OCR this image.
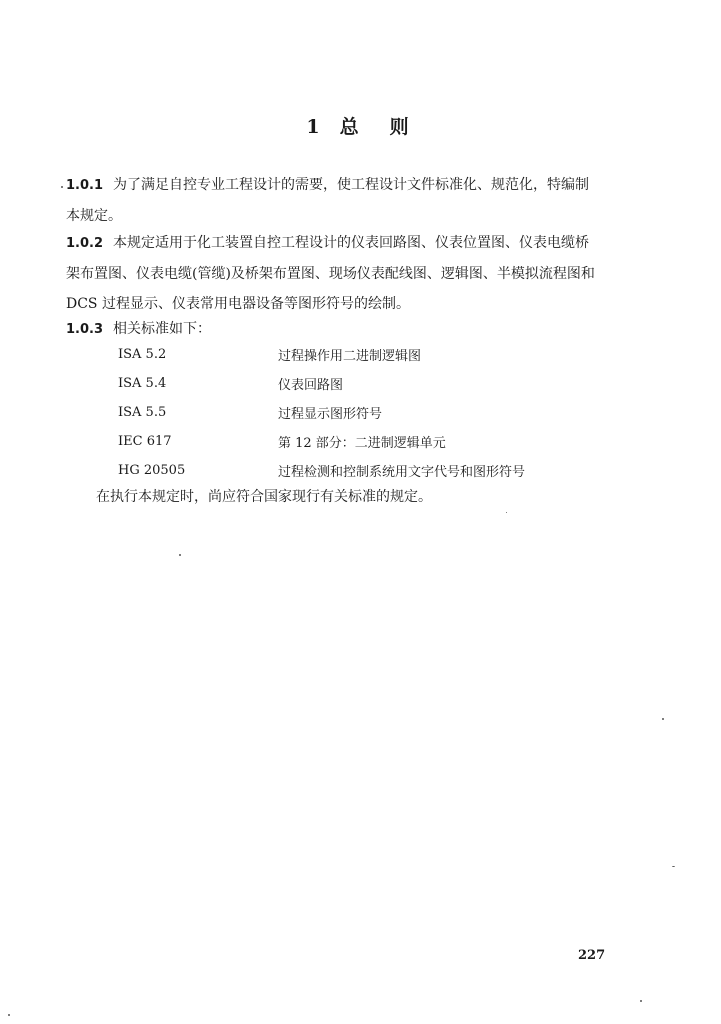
1 总　则
1.0.1 为了满足自控专业工程设计的需要，使工程设计文件标准化、规范化，特编制
本规定。
1.0.2 本规定适用于化工装置自控工程设计的仪表回路图、仪表位置图、仪表电缆桥
架布置图、仪表电缆(管缆)及桥架布置图、现场仪表配线图、逻辑图、半模拟流程图和
DCS 过程显示、仪表常用电器设备等图形符号的绘制。
1.0.3 相关标准如下：
ISA 5.2	过程操作用二进制逻辑图
ISA 5.4	仪表回路图
ISA 5.5	过程显示图形符号
IEC 617	第 12 部分：二进制逻辑单元
HG 20505	过程检测和控制系统用文字代号和图形符号
在执行本规定时，尚应符合国家现行有关标准的规定。
227
